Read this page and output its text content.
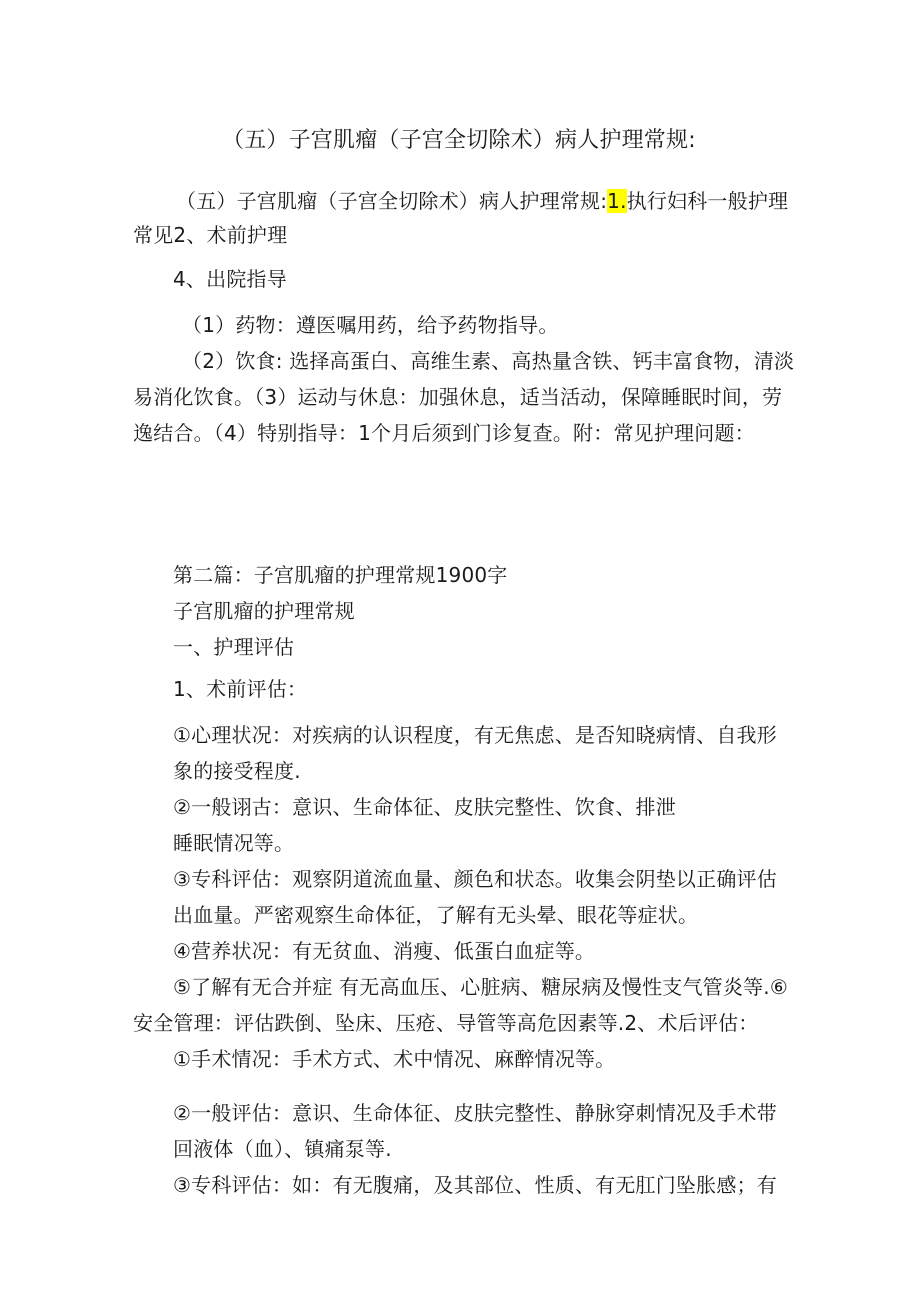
（五）子宫肌瘤（子宫全切除术）病人护理常规:
（五）子宫肌瘤（子宫全切除术）病人护理常规:1.执行妇科一般护理
常见2、术前护理
4、出院指导
（1）药物：遵医嘱用药，给予药物指导。
（2）饮食: 选择高蛋白、高维生素、高热量含铁、钙丰富食物，清淡
易消化饮食。（3）运动与休息：加强休息，适当活动，保障睡眠时间，劳
逸结合。（4）特别指导：1个月后须到门诊复查。附：常见护理问题：
第二篇：子宫肌瘤的护理常规1900字
子宫肌瘤的护理常规
一、护理评估
1、术前评估：
①心理状况：对疾病的认识程度，有无焦虑、是否知晓病情、自我形
象的接受程度.
②一般诩古：意识、生命体征、皮肤完整性、饮食、排泄
睡眠情况等。
③专科评估：观察阴道流血量、颜色和状态。收集会阴垫以正确评估
出血量。严密观察生命体征，了解有无头晕、眼花等症状。
④营养状况：有无贫血、消瘦、低蛋白血症等。
⑤了解有无合并症 有无高血压、心脏病、糖尿病及慢性支气管炎等.⑥
安全管理：评估跌倒、坠床、压疮、导管等高危因素等.2、术后评估：
①手术情况：手术方式、术中情况、麻醉情况等。
②一般评估：意识、生命体征、皮肤完整性、静脉穿刺情况及手术带
回液体（血）、镇痛泵等.
③专科评估：如：有无腹痛，及其部位、性质、有无肛门坠胀感；有
